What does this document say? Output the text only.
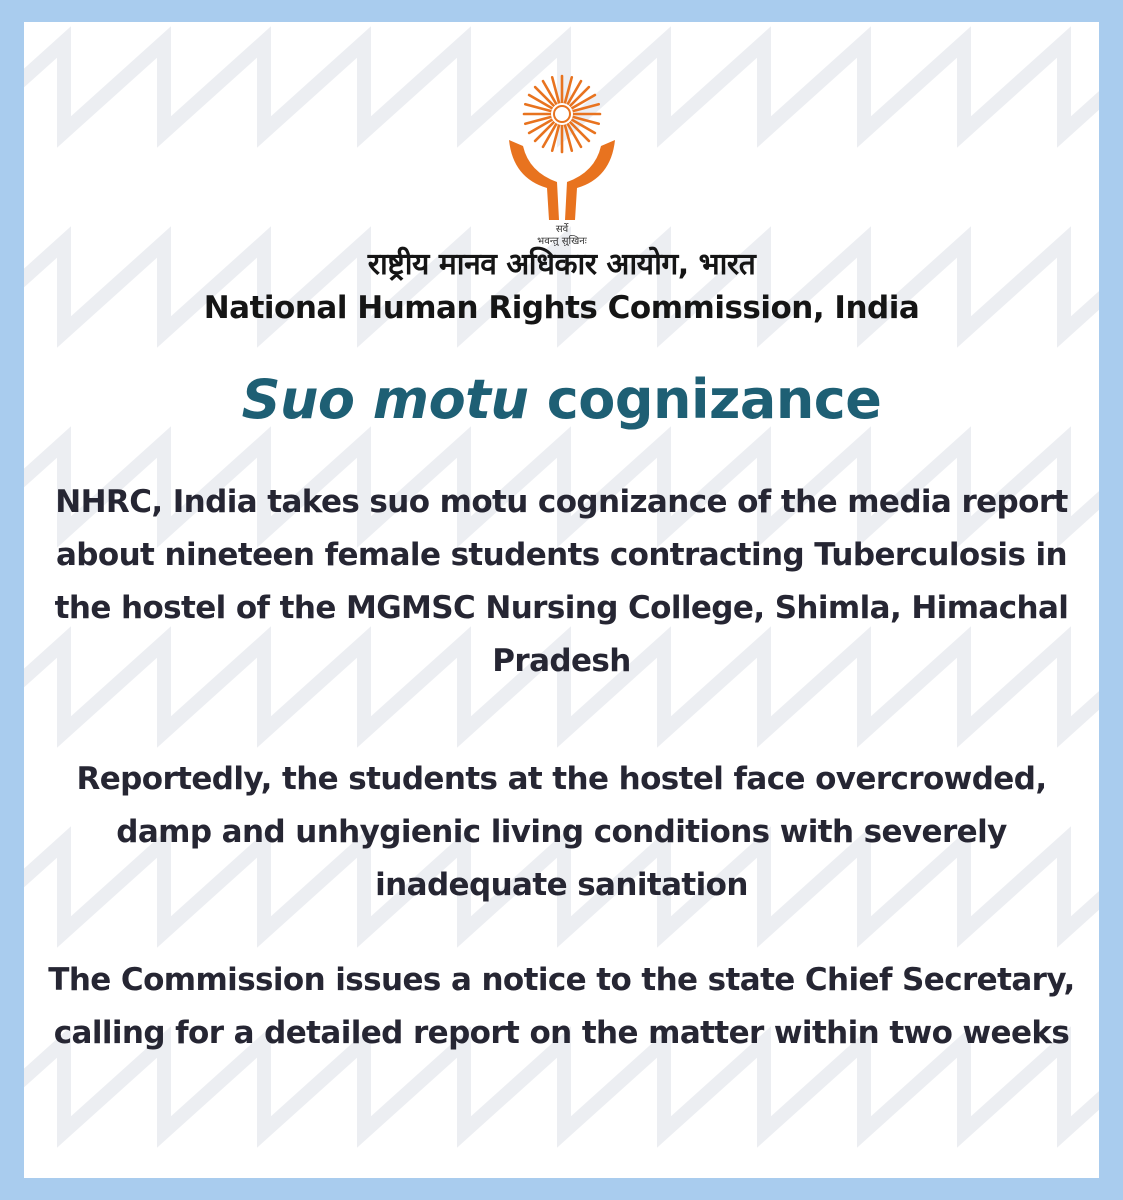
सर्वे
भवन्तु सुखिनः
राष्ट्रीय मानव अधिकार आयोग, भारत
National Human Rights Commission, India
Suo motu cognizance
NHRC, India takes suo motu cognizance of the media report about nineteen female students contracting Tuberculosis in the hostel of the MGMSC Nursing College, Shimla, Himachal Pradesh
Reportedly, the students at the hostel face overcrowded, damp and unhygienic living conditions with severely inadequate sanitation
The Commission issues a notice to the state Chief Secretary, calling for a detailed report on the matter within two weeks
